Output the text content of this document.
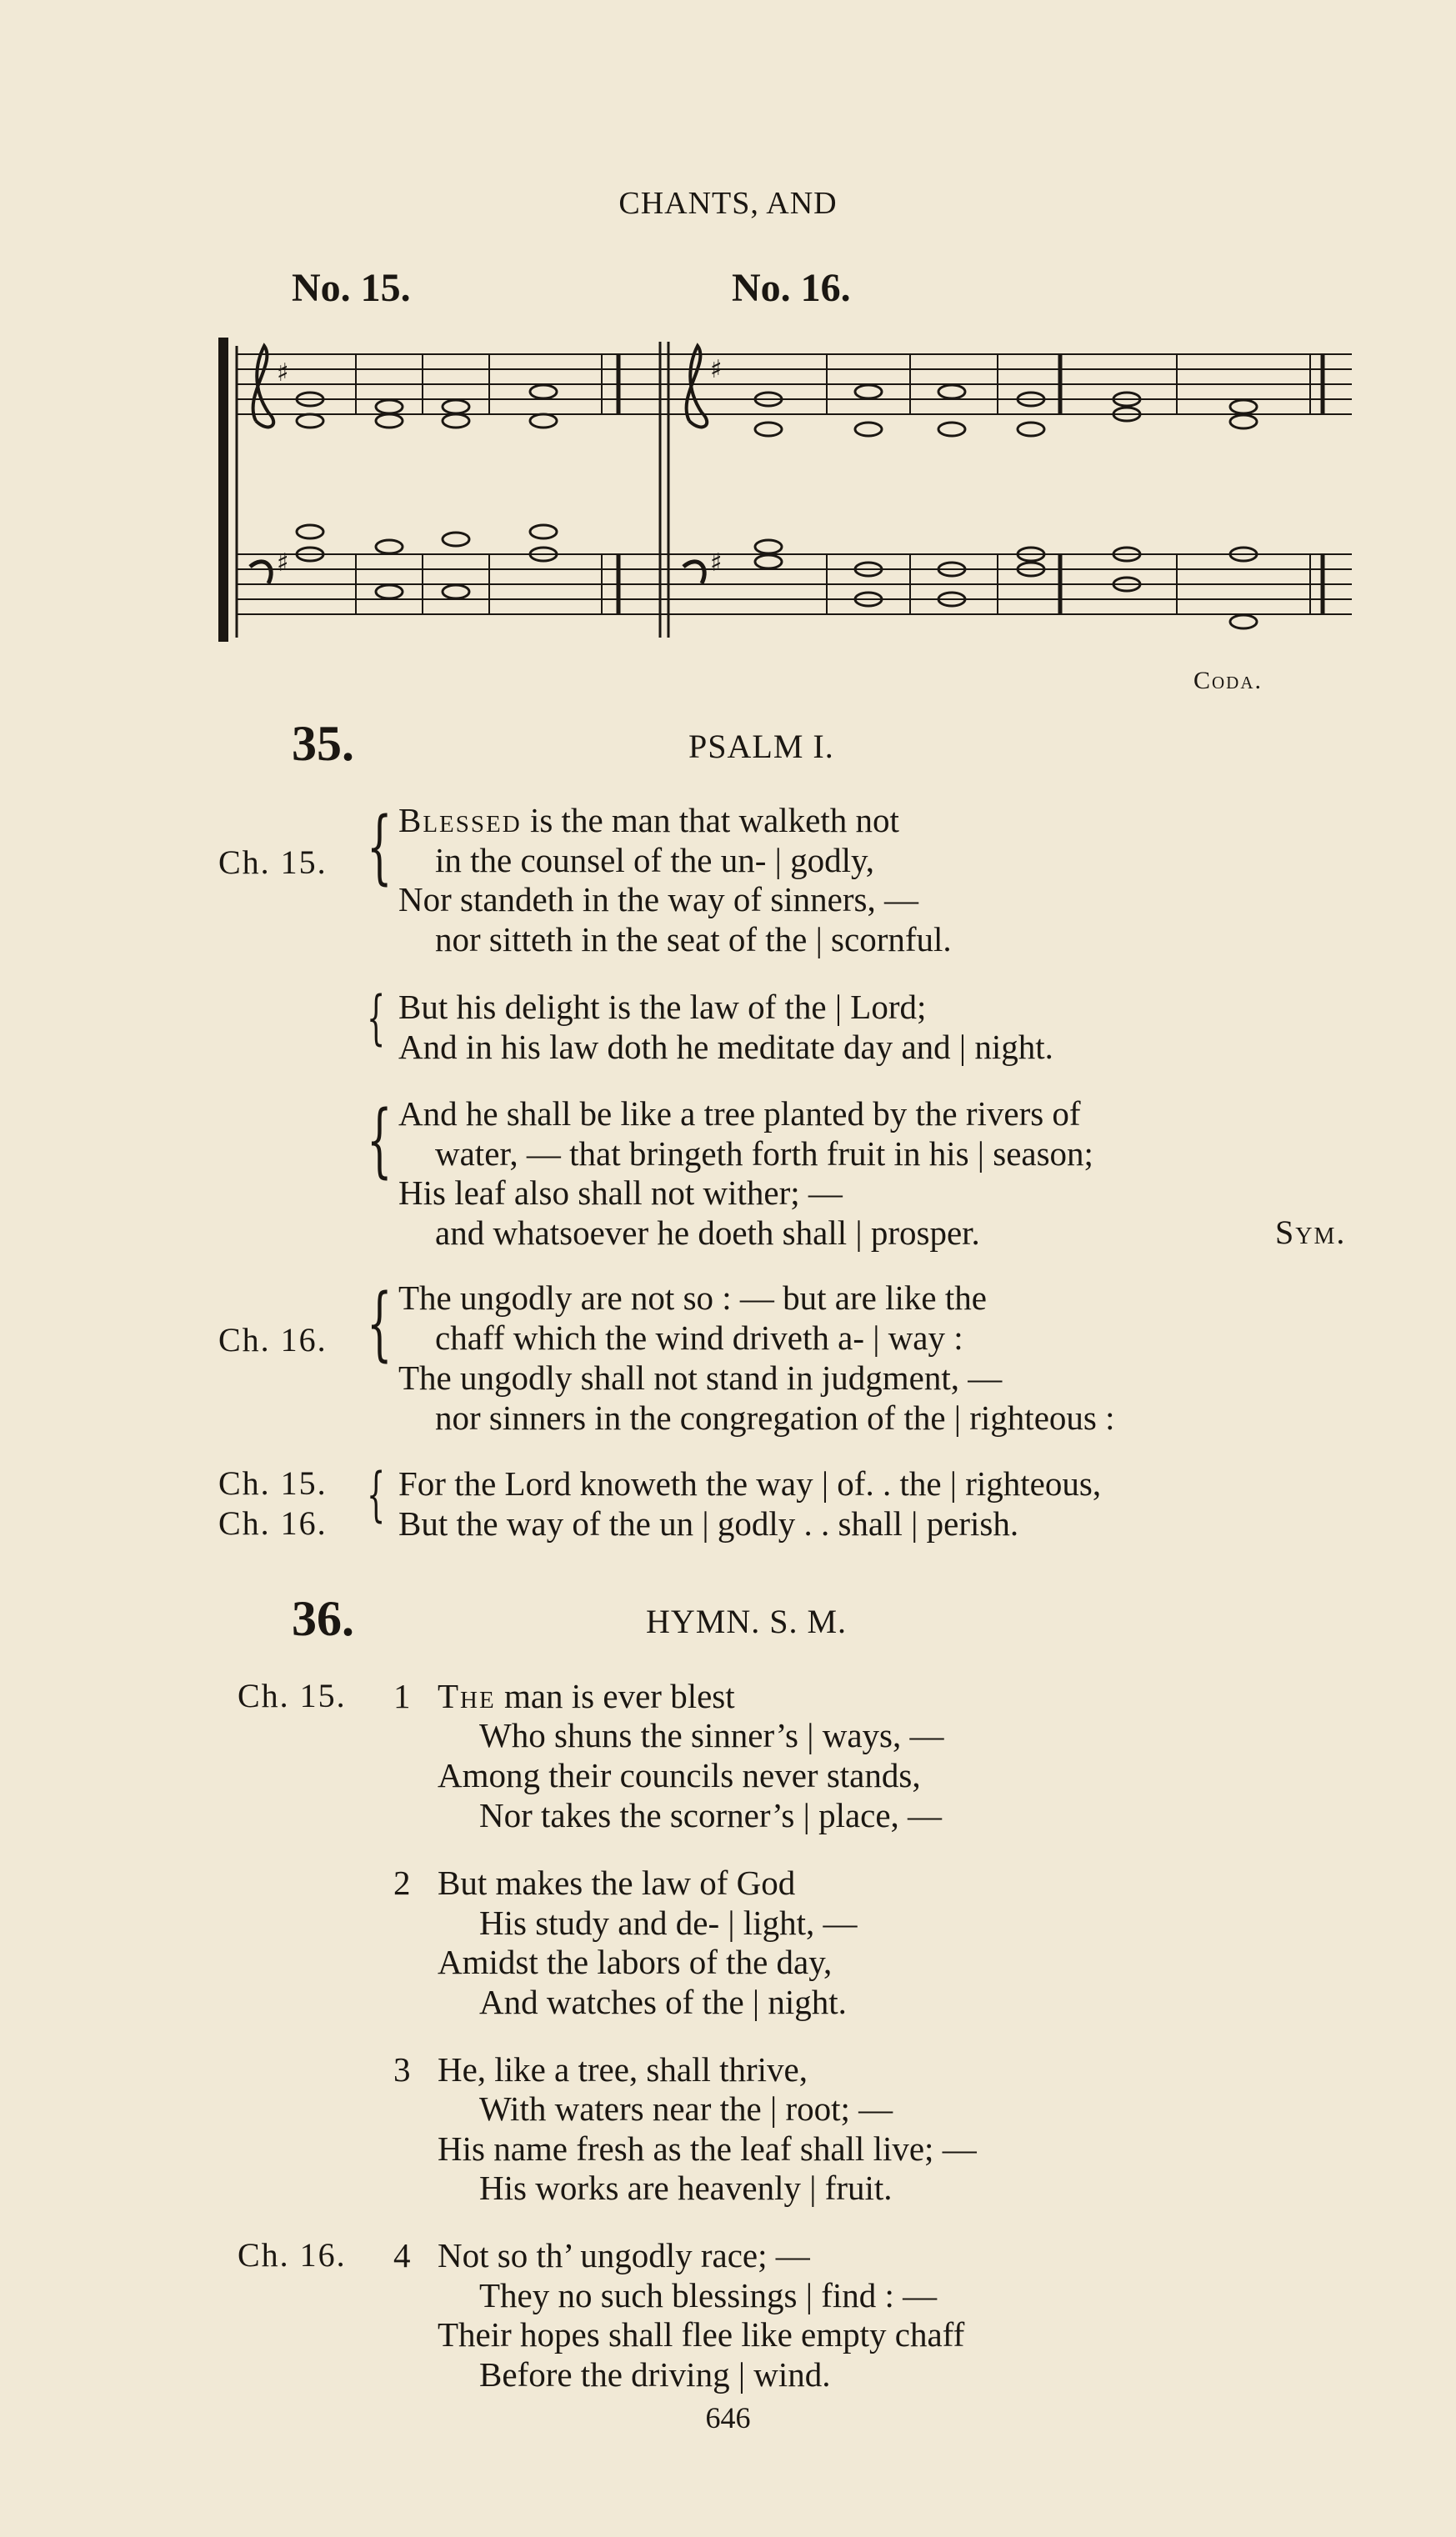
CHANTS, AND
No. 15.	No. 16.
♯	♯
♯	♯
Coda.
35.	PSALM I.
Ch. 15. { Blessed is the man that walketh not
in the counsel of the un- | godly,
Nor standeth in the way of sinners, —
nor sitteth in the seat of the | scornful.
{ But his delight is the law of the | Lord;
And in his law doth he meditate day and | night.
{ And he shall be like a tree planted by the rivers of
water, — that bringeth forth fruit in his | season;
His leaf also shall not wither; —
and whatsoever he doeth shall | prosper.	Sym.
Ch. 16. { The ungodly are not so : — but are like the
chaff which the wind driveth a- | way :
The ungodly shall not stand in judgment, —
nor sinners in the congregation of the | righteous :
Ch. 15.
Ch. 16. { For the Lord knoweth the way | of. . the | righteous,
But the way of the un | godly . . shall | perish.
36.	HYMN. S. M.
Ch. 15. 1 The man is ever blest
Who shuns the sinner’s | ways, —
Among their councils never stands,
Nor takes the scorner’s | place, —
2 But makes the law of God
His study and de- | light, —
Amidst the labors of the day,
And watches of the | night.
3 He, like a tree, shall thrive,
With waters near the | root; —
His name fresh as the leaf shall live; —
His works are heavenly | fruit.
Ch. 16. 4 Not so th’ ungodly race; —
They no such blessings | find : —
Their hopes shall flee like empty chaff
Before the driving | wind.
646
